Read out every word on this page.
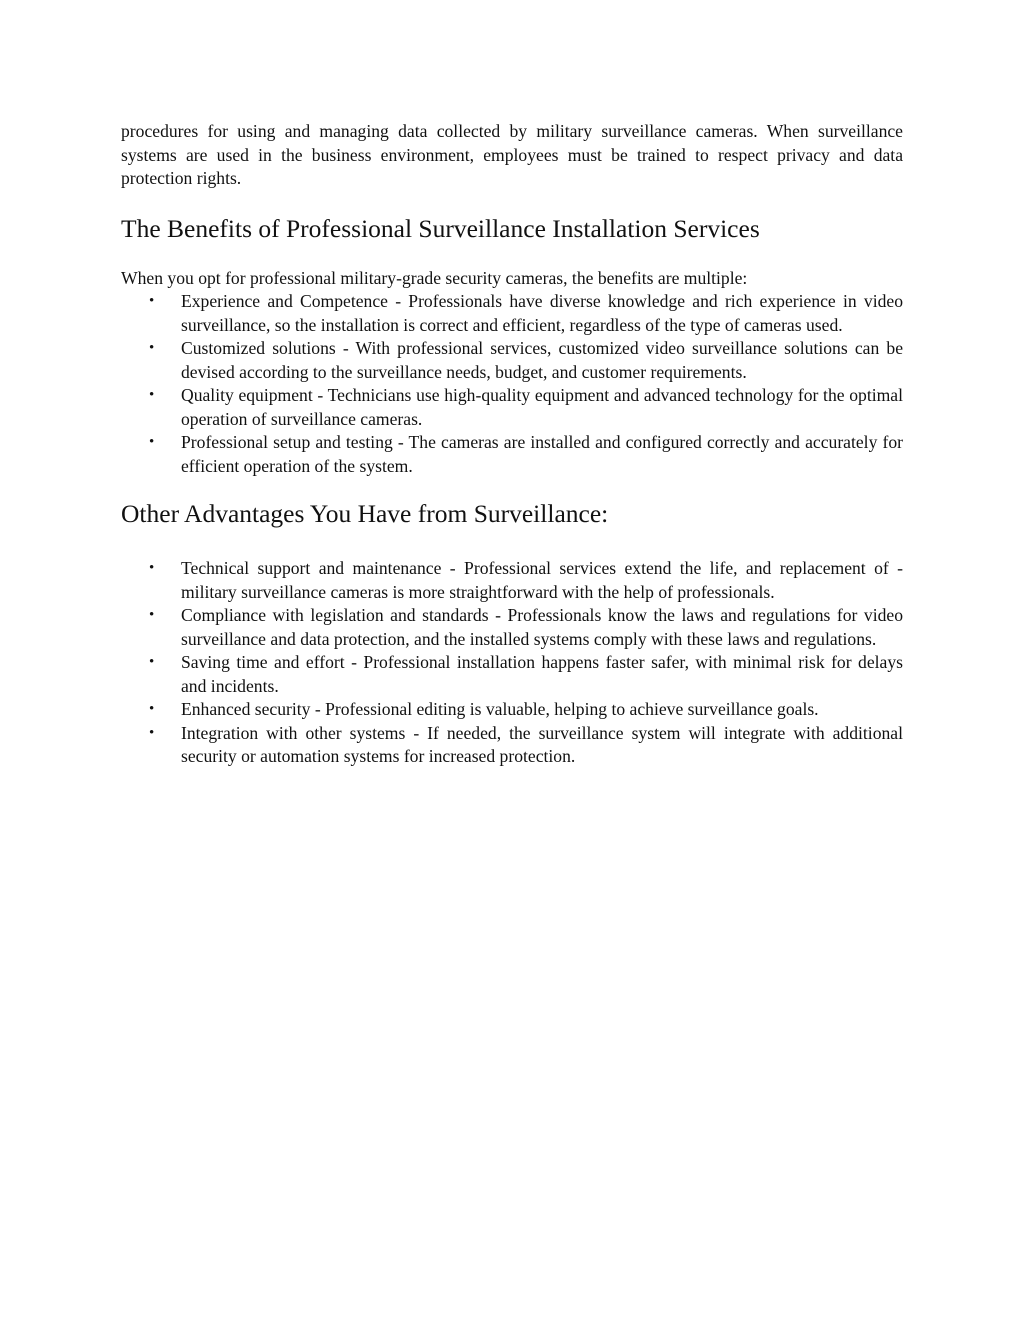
procedures for using and managing data collected by military surveillance cameras. When surveillance systems are used in the business environment, employees must be trained to respect privacy and data protection rights.

The Benefits of Professional Surveillance Installation Services

When you opt for professional military-grade security cameras, the benefits are multiple:

• Experience and Competence - Professionals have diverse knowledge and rich experience in video surveillance, so the installation is correct and efficient, regardless of the type of cameras used.
• Customized solutions - With professional services, customized video surveillance solutions can be devised according to the surveillance needs, budget, and customer requirements.
• Quality equipment - Technicians use high-quality equipment and advanced technology for the optimal operation of surveillance cameras.
• Professional setup and testing - The cameras are installed and configured correctly and accurately for efficient operation of the system.
Other Advantages You Have from Surveillance:
• Technical support and maintenance - Professional services extend the life, and replacement of - military surveillance cameras is more straightforward with the help of professionals.
• Compliance with legislation and standards - Professionals know the laws and regulations for video surveillance and data protection, and the installed systems comply with these laws and regulations.
• Saving time and effort - Professional installation happens faster safer, with minimal risk for delays and incidents.
• Enhanced security - Professional editing is valuable, helping to achieve surveillance goals.
• Integration with other systems - If needed, the surveillance system will integrate with additional security or automation systems for increased protection.
